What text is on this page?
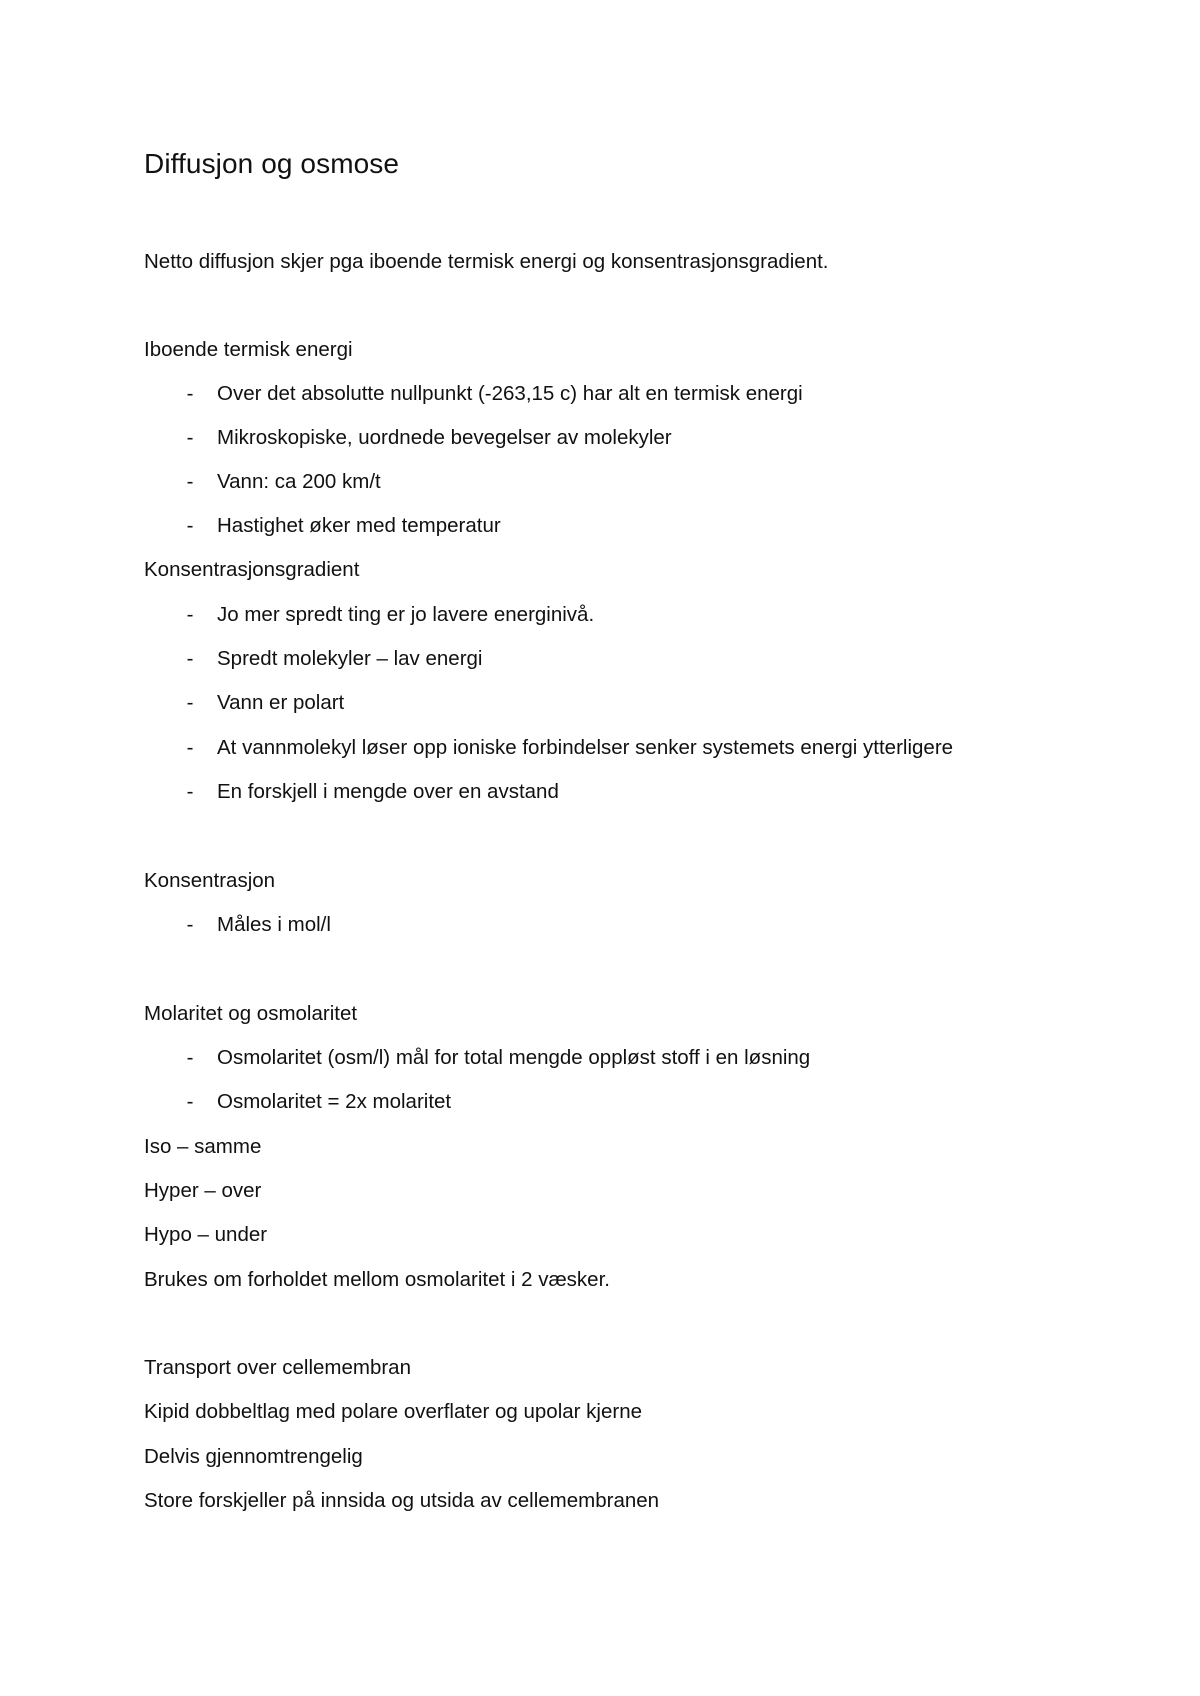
Diffusjon og osmose

Netto diffusjon skjer pga iboende termisk energi og konsentrasjonsgradient.

Iboende termisk energi

- Over det absolutte nullpunkt (-263,15 c) har alt en termisk energi
- Mikroskopiske, uordnede bevegelser av molekyler
- Vann: ca 200 km/t
- Hastighet øker med temperatur

Konsentrasjonsgradient

- Jo mer spredt ting er jo lavere energinivå.
- Spredt molekyler – lav energi
- Vann er polart
- At vannmolekyl løser opp ioniske forbindelser senker systemets energi ytterligere
- En forskjell i mengde over en avstand

Konsentrasjon

- Måles i mol/l

Molaritet og osmolaritet

- Osmolaritet (osm/l) mål for total mengde oppløst stoff i en løsning
- Osmolaritet = 2x molaritet

Iso – samme

Hyper – over

Hypo – under

Brukes om forholdet mellom osmolaritet i 2 væsker.

Transport over cellemembran

Kipid dobbeltlag med polare overflater og upolar kjerne

Delvis gjennomtrengelig

Store forskjeller på innsida og utsida av cellemembranen
